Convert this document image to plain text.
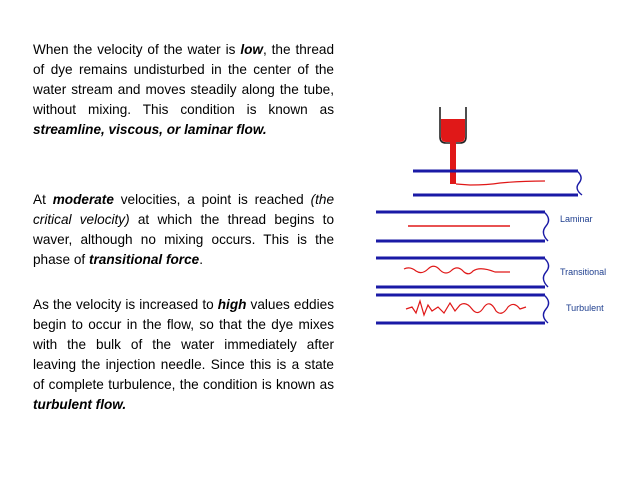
When the velocity of the water is low, the thread of dye remains undisturbed in the center of the water stream and moves steadily along the tube, without mixing. This condition is known as streamline, viscous, or laminar flow.

At moderate velocities, a point is reached (the critical velocity) at which the thread begins to waver, although no mixing occurs. This is the phase of transitional force.

As the velocity is increased to high values eddies begin to occur in the flow, so that the dye mixes with the bulk of the water immediately after leaving the injection needle. Since this is a state of complete turbulence, the condition is known as turbulent flow.

Laminar
Transitional
Turbulent
